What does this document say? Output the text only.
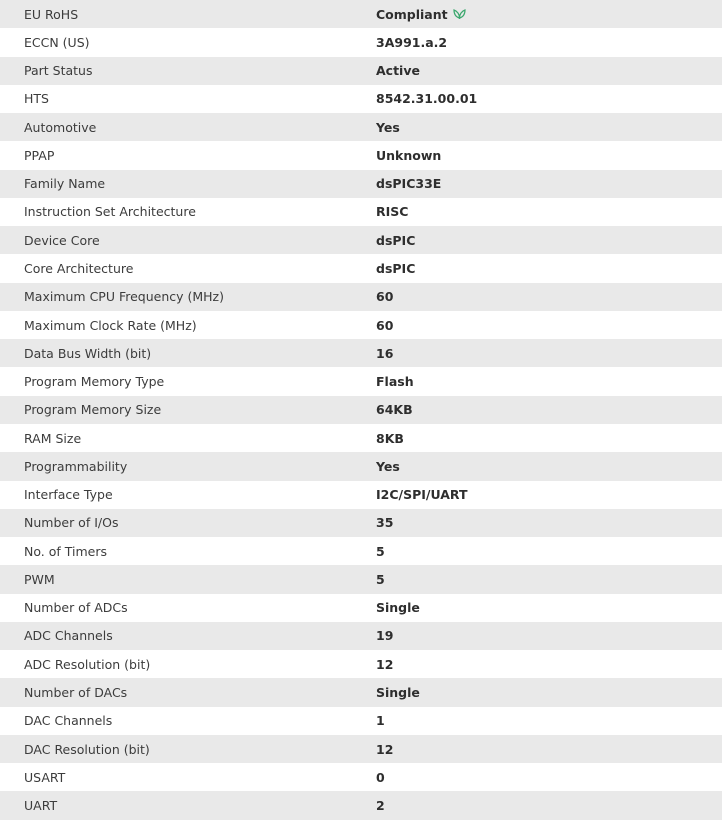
EU RoHS	Compliant
ECCN (US)	3A991.a.2
Part Status	Active
HTS	8542.31.00.01
Automotive	Yes
PPAP	Unknown
Family Name	dsPIC33E
Instruction Set Architecture	RISC
Device Core	dsPIC
Core Architecture	dsPIC
Maximum CPU Frequency (MHz)	60
Maximum Clock Rate (MHz)	60
Data Bus Width (bit)	16
Program Memory Type	Flash
Program Memory Size	64KB
RAM Size	8KB
Programmability	Yes
Interface Type	I2C/SPI/UART
Number of I/Os	35
No. of Timers	5
PWM	5
Number of ADCs	Single
ADC Channels	19
ADC Resolution (bit)	12
Number of DACs	Single
DAC Channels	1
DAC Resolution (bit)	12
USART	0
UART	2
